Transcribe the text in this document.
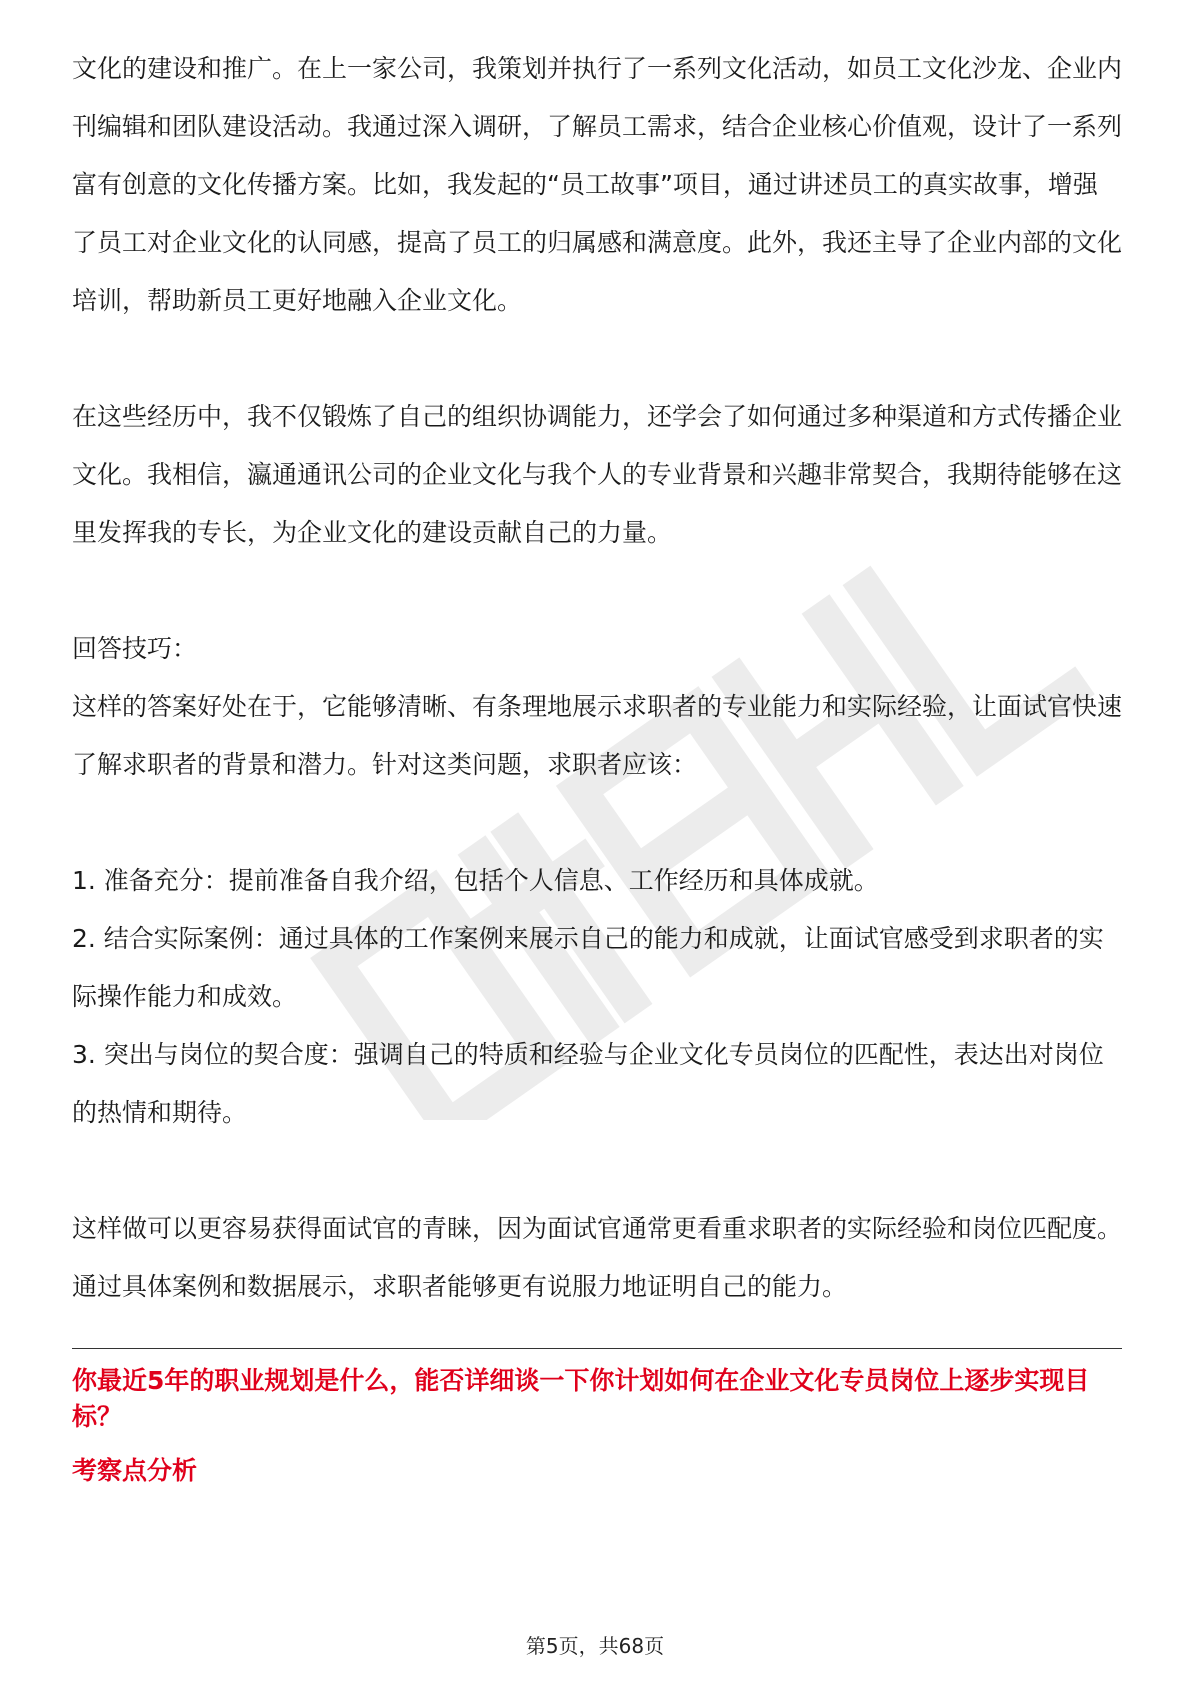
文化的建设和推广。在上一家公司，我策划并执行了一系列文化活动，如员工文化沙龙、企业内刊编辑和团队建设活动。我通过深入调研，了解员工需求，结合企业核心价值观，设计了一系列富有创意的文化传播方案。比如，我发起的“员工故事”项目，通过讲述员工的真实故事，增强了员工对企业文化的认同感，提高了员工的归属感和满意度。此外，我还主导了企业内部的文化培训，帮助新员工更好地融入企业文化。

在这些经历中，我不仅锻炼了自己的组织协调能力，还学会了如何通过多种渠道和方式传播企业文化。我相信，瀛通通讯公司的企业文化与我个人的专业背景和兴趣非常契合，我期待能够在这里发挥我的专长，为企业文化的建设贡献自己的力量。

回答技巧：

这样的答案好处在于，它能够清晰、有条理地展示求职者的专业能力和实际经验，让面试官快速了解求职者的背景和潜力。针对这类问题，求职者应该：

1. 准备充分：提前准备自我介绍，包括个人信息、工作经历和具体成就。

2. 结合实际案例：通过具体的工作案例来展示自己的能力和成就，让面试官感受到求职者的实际操作能力和成效。

3. 突出与岗位的契合度：强调自己的特质和经验与企业文化专员岗位的匹配性，表达出对岗位的热情和期待。

这样做可以更容易获得面试官的青睐，因为面试官通常更看重求职者的实际经验和岗位匹配度。通过具体案例和数据展示，求职者能够更有说服力地证明自己的能力。

你最近5年的职业规划是什么，能否详细谈一下你计划如何在企业文化专员岗位上逐步实现目标？

考察点分析

第5页，共68页
